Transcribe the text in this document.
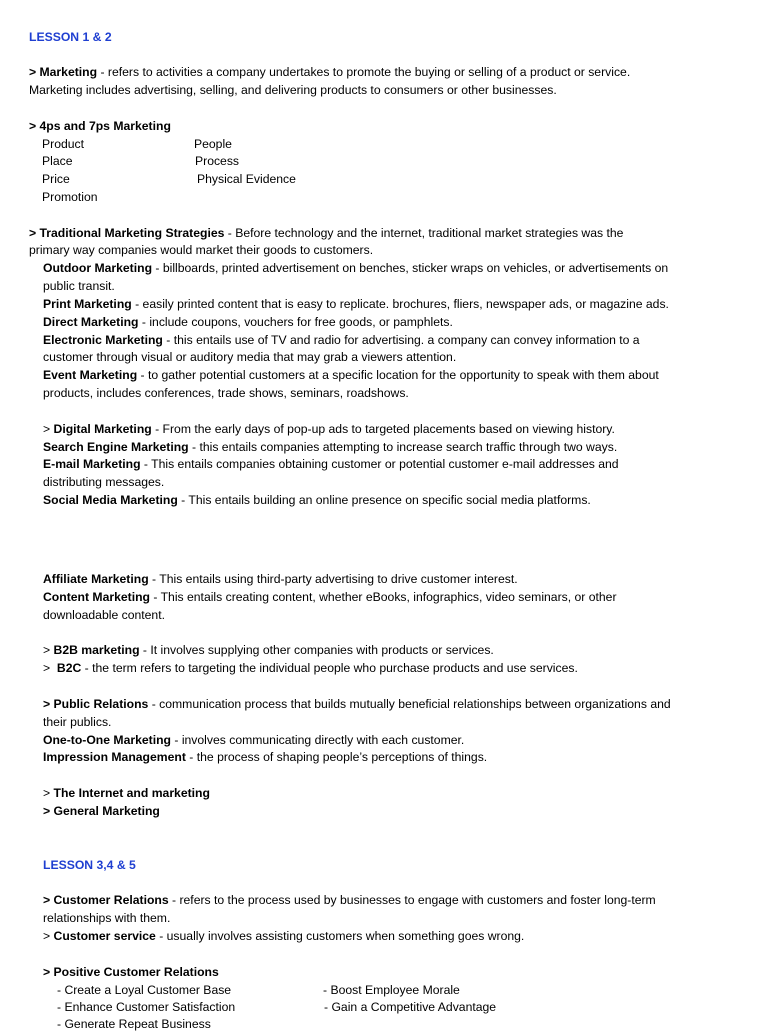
LESSON 1 & 2
> Marketing - refers to activities a company undertakes to promote the buying or selling of a product or service.
Marketing includes advertising, selling, and delivering products to consumers or other businesses.
> 4ps and 7ps Marketing
Product
Place
Price
Promotion
People
Process
Physical Evidence
> Traditional Marketing Strategies - Before technology and the internet, traditional market strategies was the
primary way companies would market their goods to customers.
Outdoor Marketing - billboards, printed advertisement on benches, sticker wraps on vehicles, or advertisements on
public transit.
Print Marketing - easily printed content that is easy to replicate. brochures, fliers, newspaper ads, or magazine ads.
Direct Marketing - include coupons, vouchers for free goods, or pamphlets.
Electronic Marketing - this entails use of TV and radio for advertising. a company can convey information to a
customer through visual or auditory media that may grab a viewers attention.
Event Marketing - to gather potential customers at a specific location for the opportunity to speak with them about
products, includes conferences, trade shows, seminars, roadshows.
> Digital Marketing - From the early days of pop-up ads to targeted placements based on viewing history.
Search Engine Marketing - this entails companies attempting to increase search traffic through two ways.
E-mail Marketing - This entails companies obtaining customer or potential customer e-mail addresses and
distributing messages.
Social Media Marketing - This entails building an online presence on specific social media platforms.
Affiliate Marketing - This entails using third-party advertising to drive customer interest.
Content Marketing - This entails creating content, whether eBooks, infographics, video seminars, or other
downloadable content.
> B2B marketing - It involves supplying other companies with products or services.
>  B2C - the term refers to targeting the individual people who purchase products and use services.
> Public Relations - communication process that builds mutually beneficial relationships between organizations and
their publics.
One-to-One Marketing - involves communicating directly with each customer.
Impression Management - the process of shaping people’s perceptions of things.
> The Internet and marketing
> General Marketing
LESSON 3,4 & 5
> Customer Relations - refers to the process used by businesses to engage with customers and foster long-term
relationships with them.
> Customer service - usually involves assisting customers when something goes wrong.
> Positive Customer Relations
- Create a Loyal Customer Base
- Enhance Customer Satisfaction
- Generate Repeat Business
- Boost Employee Morale
- Gain a Competitive Advantage
